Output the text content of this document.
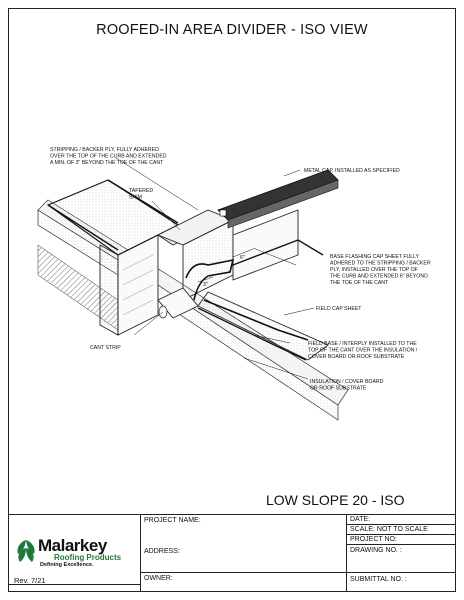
ROOFED-IN AREA DIVIDER - ISO VIEW
6"
3"
STRIPPING / BACKER PLY, FULLY ADHERED OVER THE TOP OF THE CURB AND EXTENDED A MIN. OF 3" BEYOND THE TOE OF THE CANT
METAL CAP, INSTALLED AS SPECIFIED
TAPERED SHIM
BASE FLASHING CAP SHEET FULLY ADHERED TO THE STRIPPING / BACKER PLY, INSTALLED OVER THE TOP OF THE CURB AND EXTENDED 6" BEYOND THE TOE OF THE CANT
FIELD CAP SHEET
CANT STRIP
FIELD BASE / INTERPLY INSTALLED TO THE TOP OF THE CANT OVER THE INSULATION / COVER BOARD OR ROOF SUBSTRATE
INSULATION / COVER BOARD OR ROOF SUBSTRATE
LOW SLOPE 20 - ISO
PROJECT NAME:
ADDRESS:
OWNER:
DATE:
SCALE: NOT TO SCALE
PROJECT NO:
DRAWING NO. :
SUBMITTAL NO. :
Malarkey
Roofing Products
Defining Excellence.
Rev. 7/21
